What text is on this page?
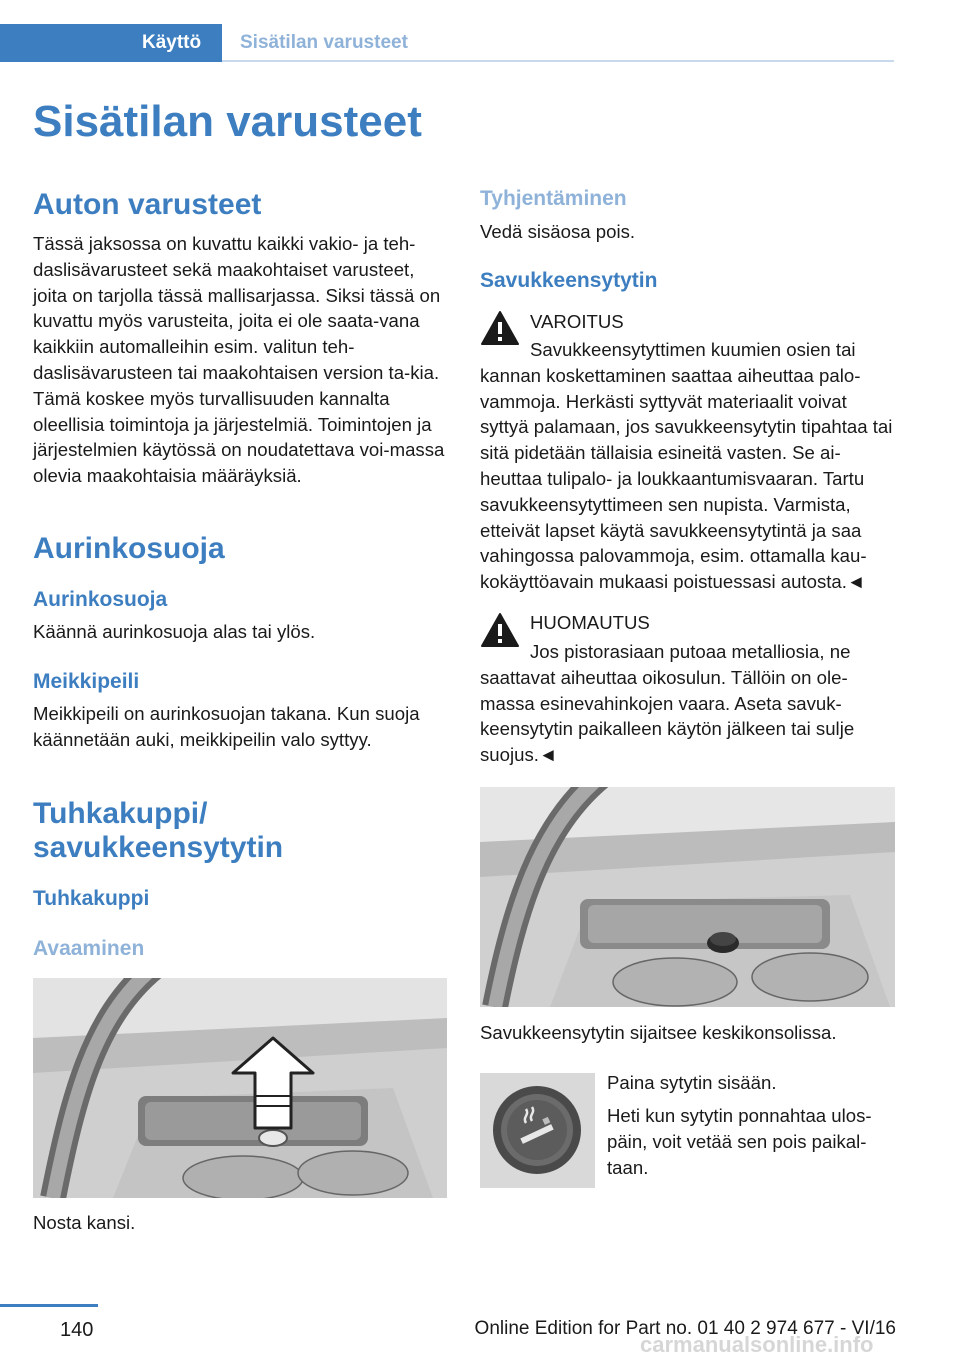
Käyttö Sisätilan varusteet
Sisätilan varusteet
Auton varusteet

Tässä jaksossa on kuvattu kaikki vakio- ja teh-daslisävarusteet sekä maakohtaiset varusteet, joita on tarjolla tässä mallisarjassa. Siksi tässä on kuvattu myös varusteita, joita ei ole saata-vana kaikkiin automalleihin esim. valitun teh-daslisävarusteen tai maakohtaisen version ta-kia. Tämä koskee myös turvallisuuden kannalta oleellisia toimintoja ja järjestelmiä. Toimintojen ja järjestelmien käytössä on noudatettava voi-massa olevia maakohtaisia määräyksiä.

Aurinkosuoja
Aurinkosuoja

Käännä aurinkosuoja alas tai ylös.

Meikkipeili

Meikkipeili on aurinkosuojan takana. Kun suoja käännetään auki, meikkipeilin valo syttyy.

Tuhkakuppi/
savukkeensytytin
Tuhkakuppi
Avaaminen

Nosta kansi.

Tyhjentäminen

Vedä sisäosa pois.

Savukkeensytytin

VAROITUS

Savukkeensytyttimen kuumien osien tai kannan koskettaminen saattaa aiheuttaa palo-vammoja. Herkästi syttyvät materiaalit voivat syttyä palamaan, jos savukkeensytytin tipahtaa tai sitä pidetään tällaisia esineitä vasten. Se ai-heuttaa tulipalo- ja loukkaantumisvaaran. Tartu savukkeensytyttimeen sen nupista. Varmista, etteivät lapset käytä savukkeensytytintä ja saa vahingossa palovammoja, esim. ottamalla kau-kokäyttöavain mukaasi poistuessasi autosta.◄

HUOMAUTUS

Jos pistorasiaan putoaa metalliosia, ne saattavat aiheuttaa oikosulun. Tällöin on ole-massa esinevahinkojen vaara. Aseta savuk-keensytytin paikalleen käytön jälkeen tai sulje suojus.◄

Savukkeensytytin sijaitsee keskikonsolissa.

Paina sytytin sisään.

Heti kun sytytin ponnahtaa ulos-päin, voit vetää sen pois paikal-taan.

140	Online Edition for Part no. 01 40 2 974 677 - VI/16
carmanualsonline.info
